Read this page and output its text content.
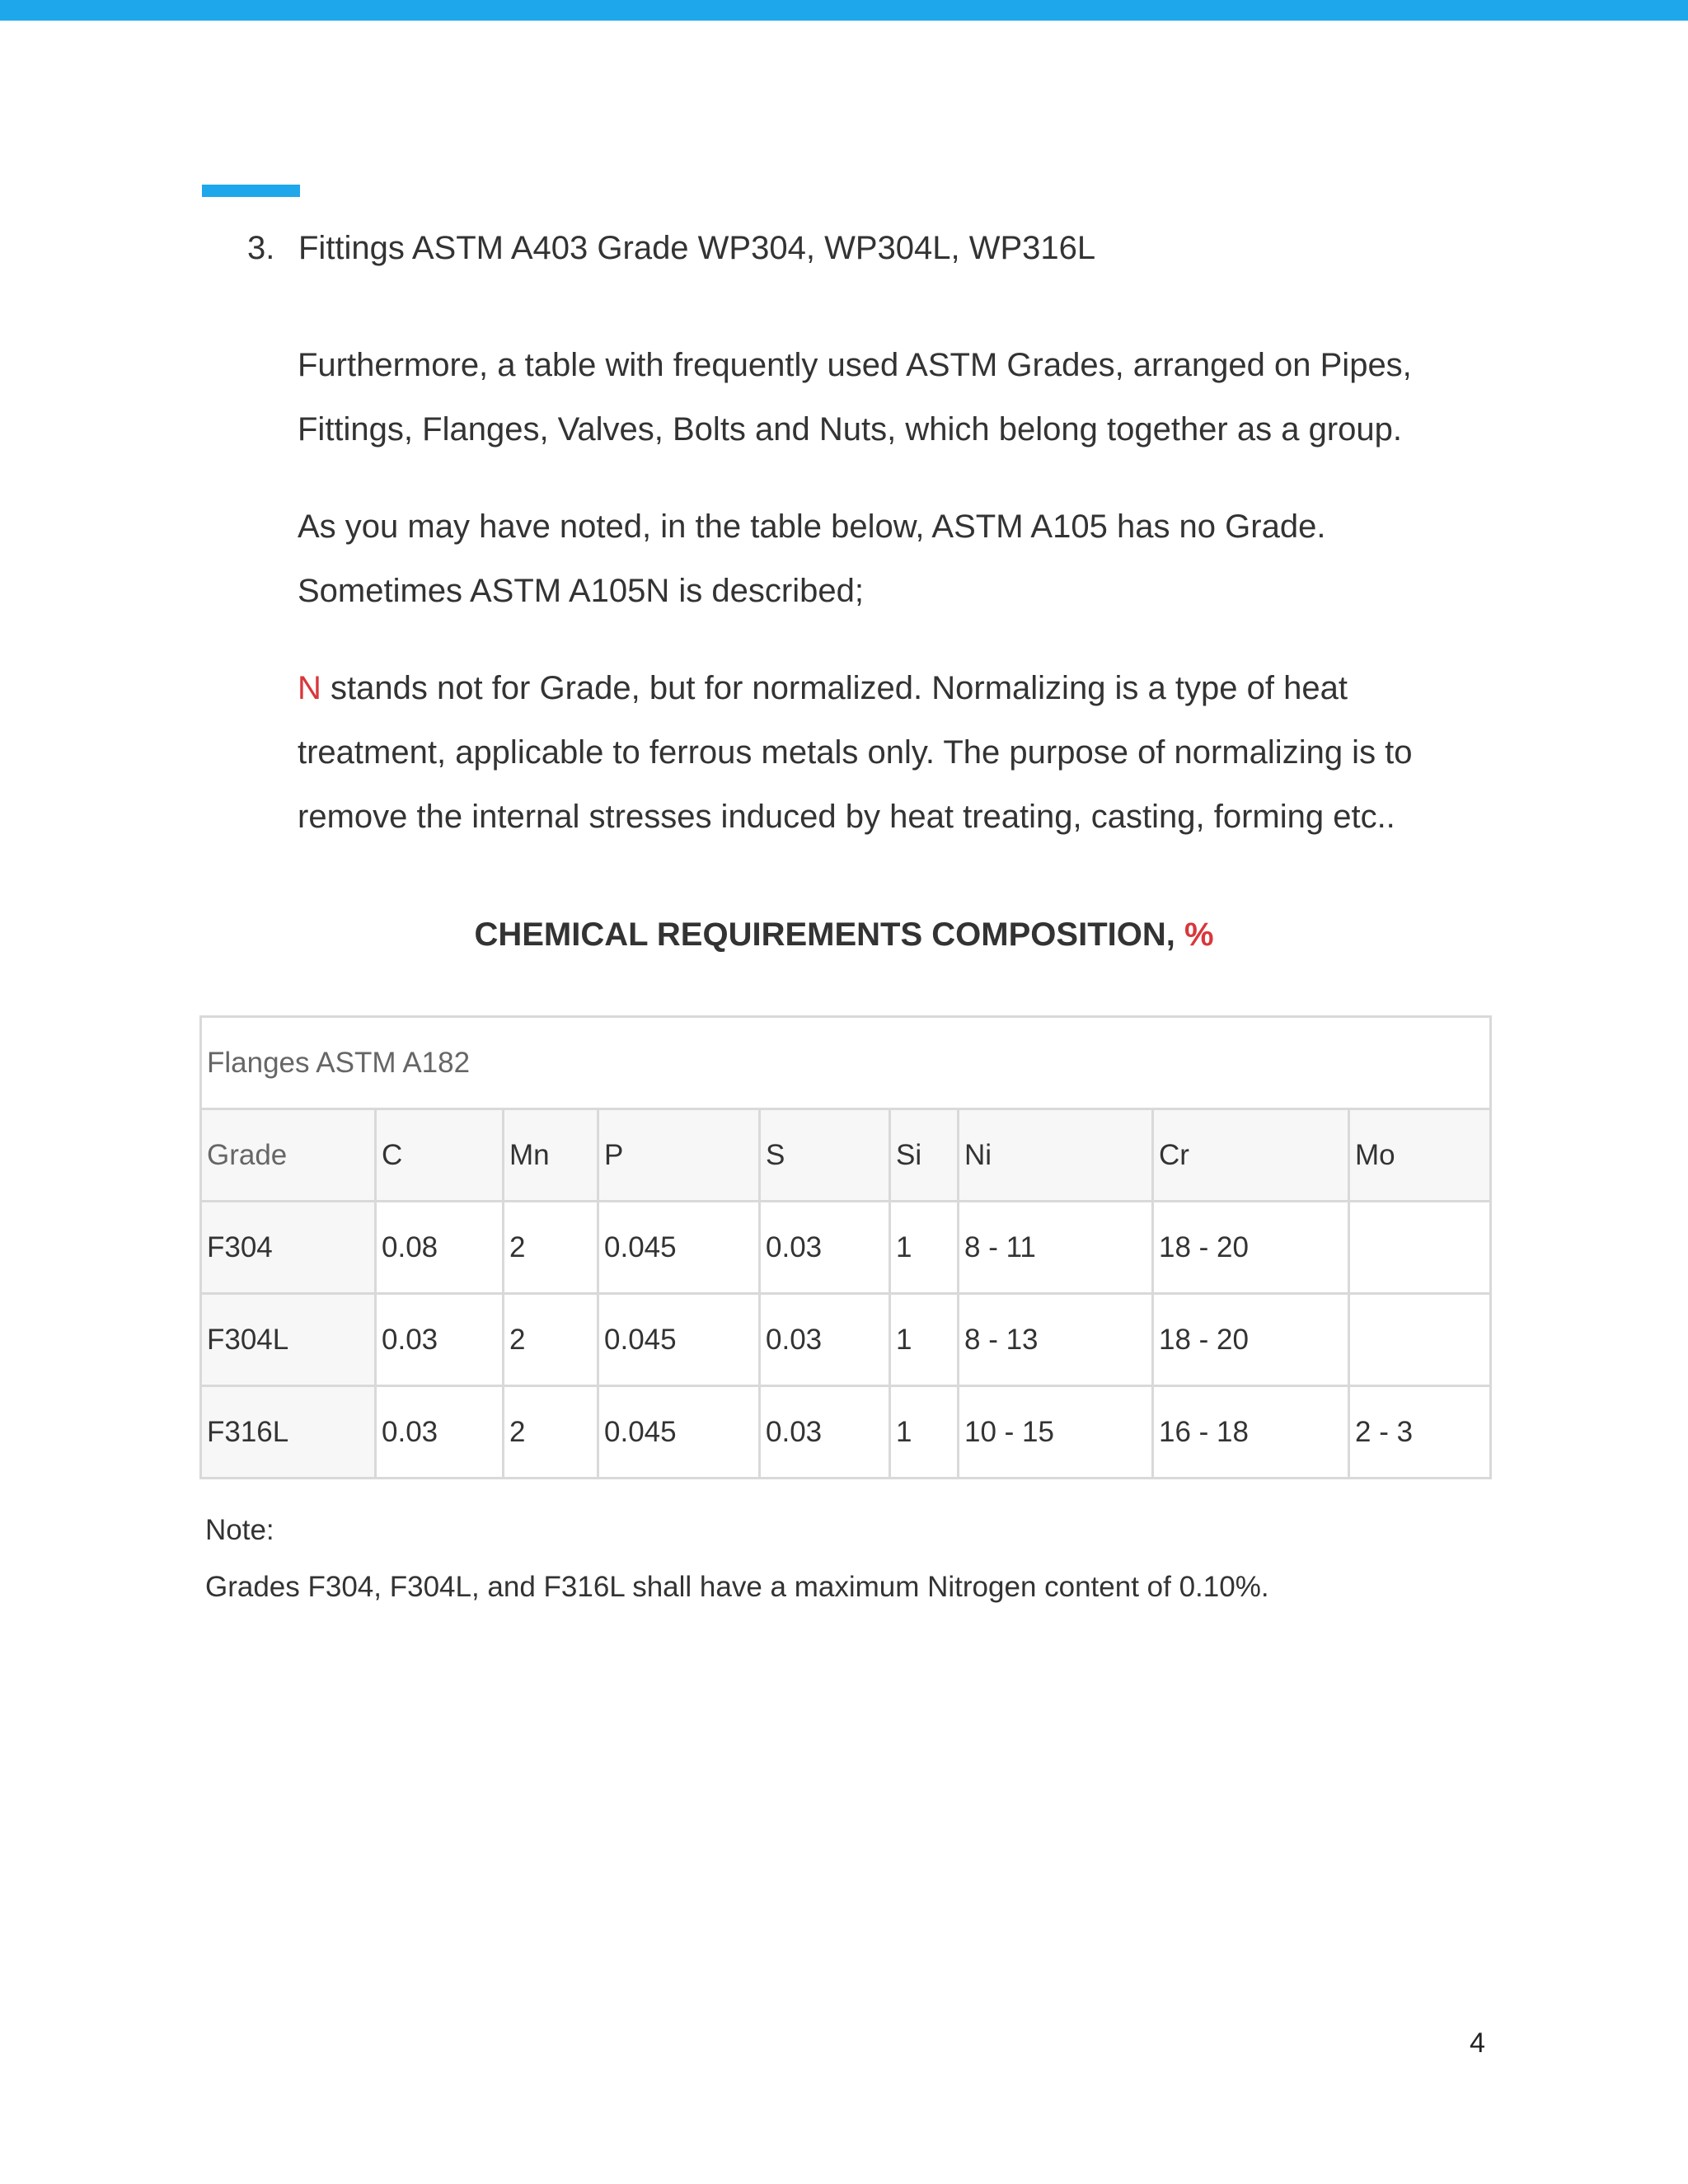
3. Fittings ASTM A403 Grade WP304, WP304L, WP316L

Furthermore, a table with frequently used ASTM Grades, arranged on Pipes, Fittings, Flanges, Valves, Bolts and Nuts, which belong together as a group.

As you may have noted, in the table below, ASTM A105 has no Grade. Sometimes ASTM A105N is described;

N stands not for Grade, but for normalized. Normalizing is a type of heat treatment, applicable to ferrous metals only. The purpose of normalizing is to remove the internal stresses induced by heat treating, casting, forming etc..

CHEMICAL REQUIREMENTS COMPOSITION, %
Flanges ASTM A182								
Grade	C	Mn	P	S	Si	Ni	Cr	Mo
F304	0.08	2	0.045	0.03	1	8 - 11	18 - 20	
F304L	0.03	2	0.045	0.03	1	8 - 13	18 - 20	
F316L	0.03	2	0.045	0.03	1	10 - 15	16 - 18	2 - 3
Note:
Grades F304, F304L, and F316L shall have a maximum Nitrogen content of 0.10%.
4
